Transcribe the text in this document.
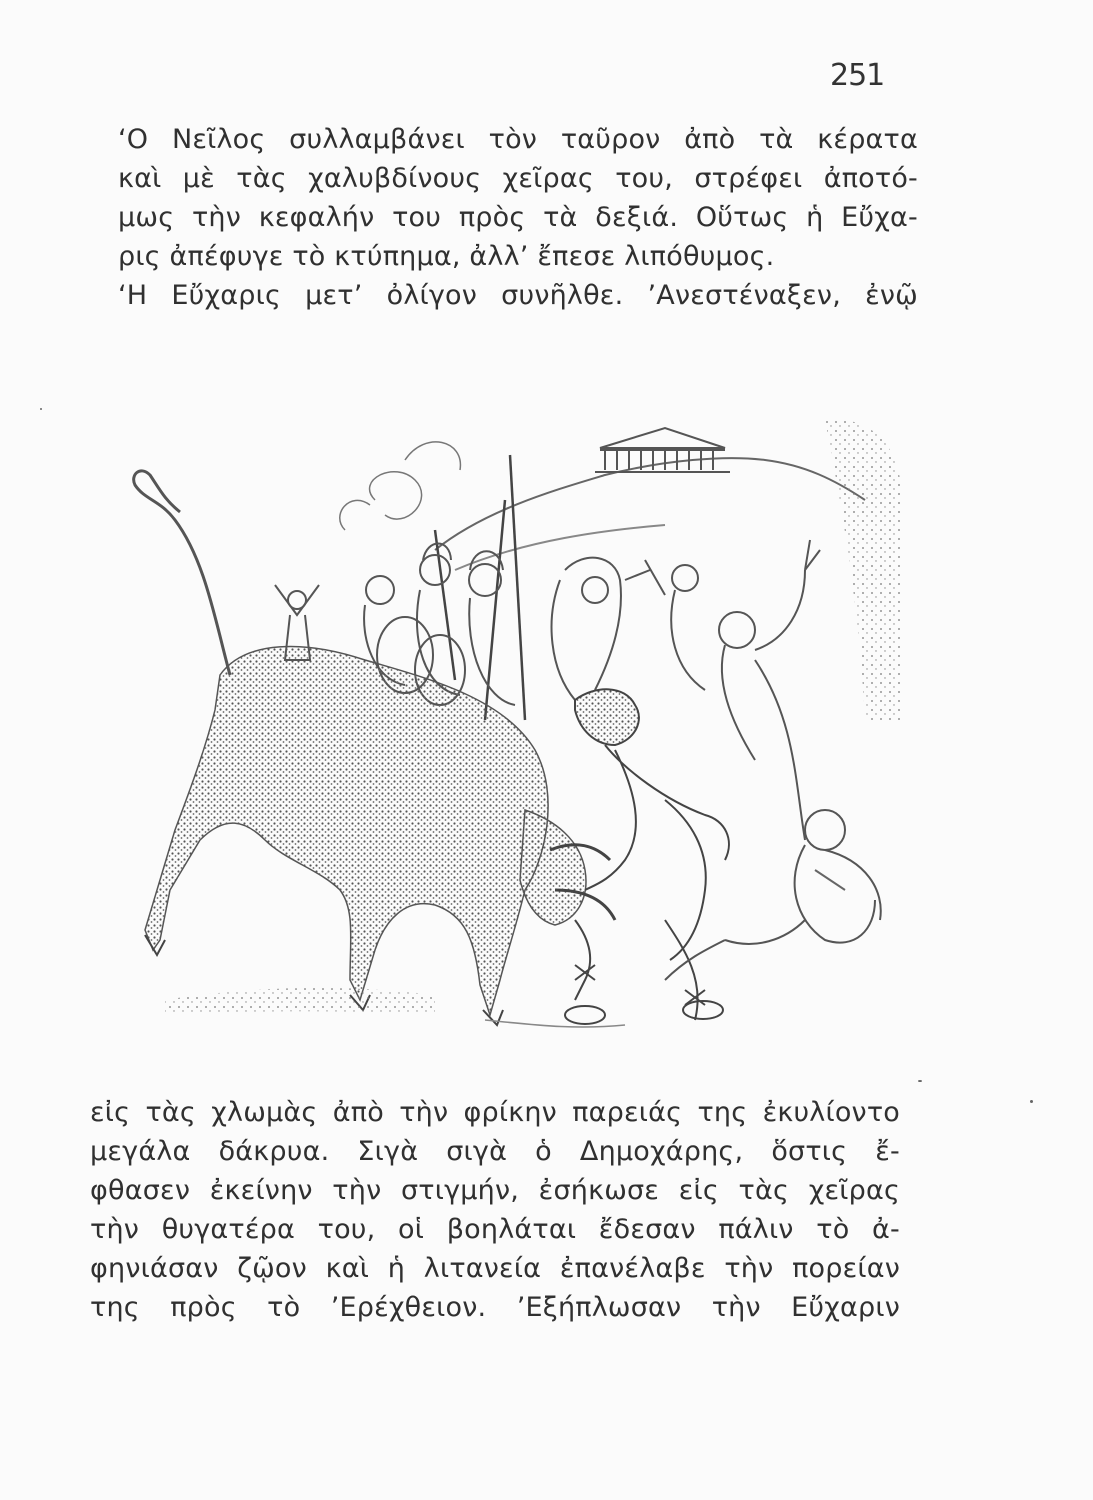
251
‘Ο Νεῖλος συλλαμβάνει τὸν ταῦρον ἀπὸ τὰ κέρατα
καὶ μὲ τὰς χαλυβδίνους χεῖρας του, στρέφει ἀποτό-
μως τὴν κεφαλήν του πρὸς τὰ δεξιά. Οὕτως ἡ Εὔχα-
ρις ἀπέφυγε τὸ κτύπημα, ἀλλ’ ἔπεσε λιπόθυμος.
‘Η Εὔχαρις μετ’ ὀλίγον συνῆλθε. ’Ανεστέναξεν, ἐνῷ
εἰς τὰς χλωμὰς ἀπὸ τὴν φρίκην παρειάς της ἐκυλίοντο
μεγάλα δάκρυα. Σιγὰ σιγὰ ὁ Δημοχάρης, ὅστις ἔ-
φθασεν ἐκείνην τὴν στιγμήν, ἐσήκωσε εἰς τὰς χεῖρας
τὴν θυγατέρα του, οἱ βοηλάται ἔδεσαν πάλιν τὸ ἀ-
φηνιάσαν ζῷον καὶ ἡ λιτανεία ἐπανέλαβε τὴν πορείαν
της πρὸς τὸ ’Ερέχθειον. ’Εξήπλωσαν τὴν Εὔχαριν
